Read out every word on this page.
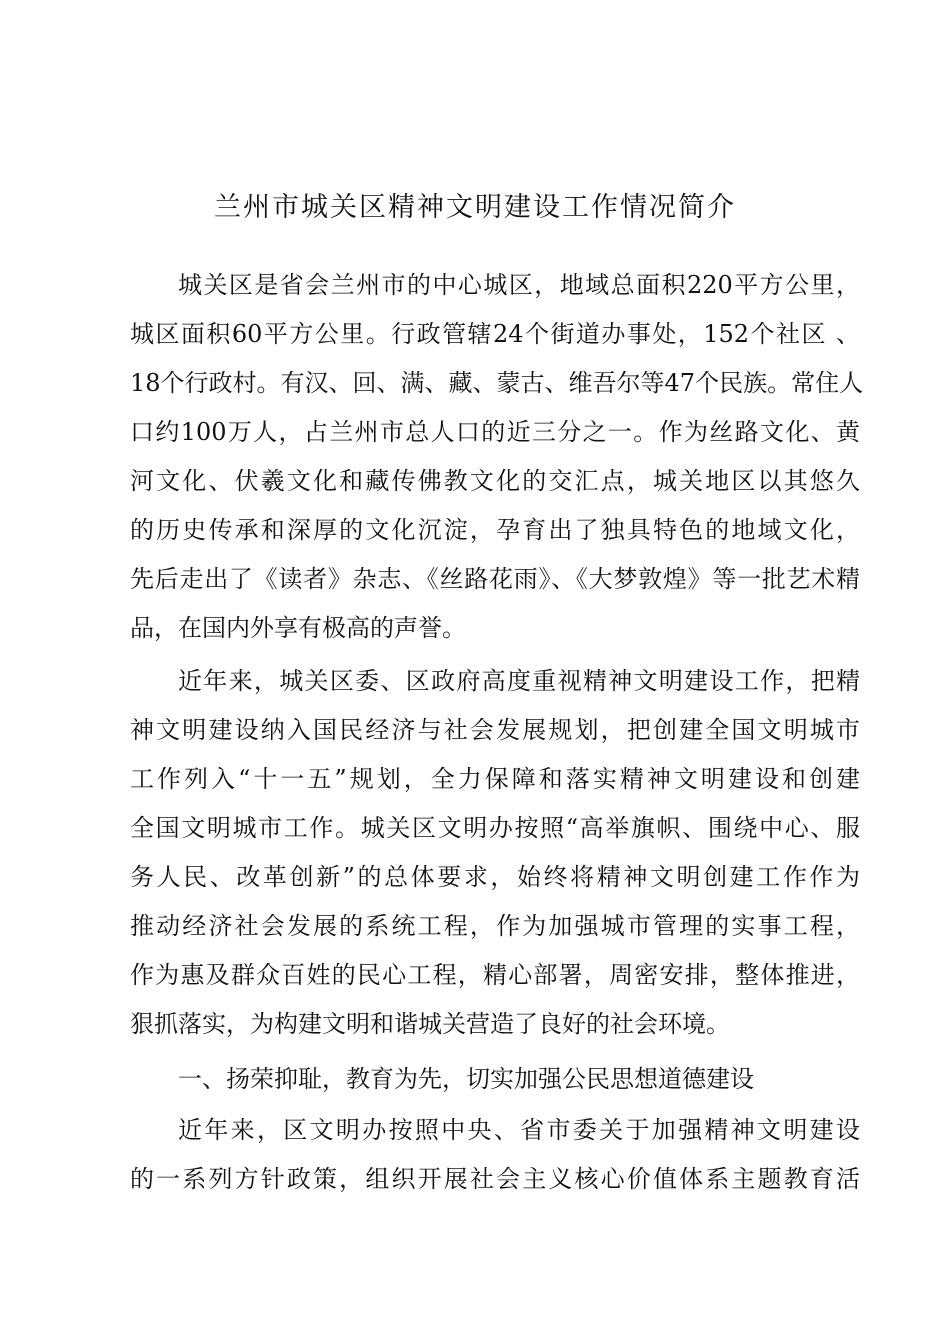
兰州市城关区精神文明建设工作情况简介
城关区是省会兰州市的中心城区，地域总面积220平方公里，
城区面积60平方公里。行政管辖24个街道办事处，152个社区 、
18个行政村。有汉、回、满、藏、蒙古、维吾尔等47个民族。常住人
口约100万人，占兰州市总人口的近三分之一。作为丝路文化、黄
河文化、伏羲文化和藏传佛教文化的交汇点，城关地区以其悠久
的历史传承和深厚的文化沉淀，孕育出了独具特色的地域文化，
先后走出了《读者》杂志、《丝路花雨》、《大梦敦煌》等一批艺术精
品，在国内外享有极高的声誉。
近年来，城关区委、区政府高度重视精神文明建设工作，把精
神文明建设纳入国民经济与社会发展规划，把创建全国文明城市
工作列入“十一五”规划，全力保障和落实精神文明建设和创建
全国文明城市工作。城关区文明办按照“高举旗帜、围绕中心、服
务人民、改革创新”的总体要求，始终将精神文明创建工作作为
推动经济社会发展的系统工程，作为加强城市管理的实事工程，
作为惠及群众百姓的民心工程，精心部署，周密安排，整体推进，
狠抓落实，为构建文明和谐城关营造了良好的社会环境。
一、扬荣抑耻，教育为先，切实加强公民思想道德建设
近年来，区文明办按照中央、省市委关于加强精神文明建设
的一系列方针政策，组织开展社会主义核心价值体系主题教育活
